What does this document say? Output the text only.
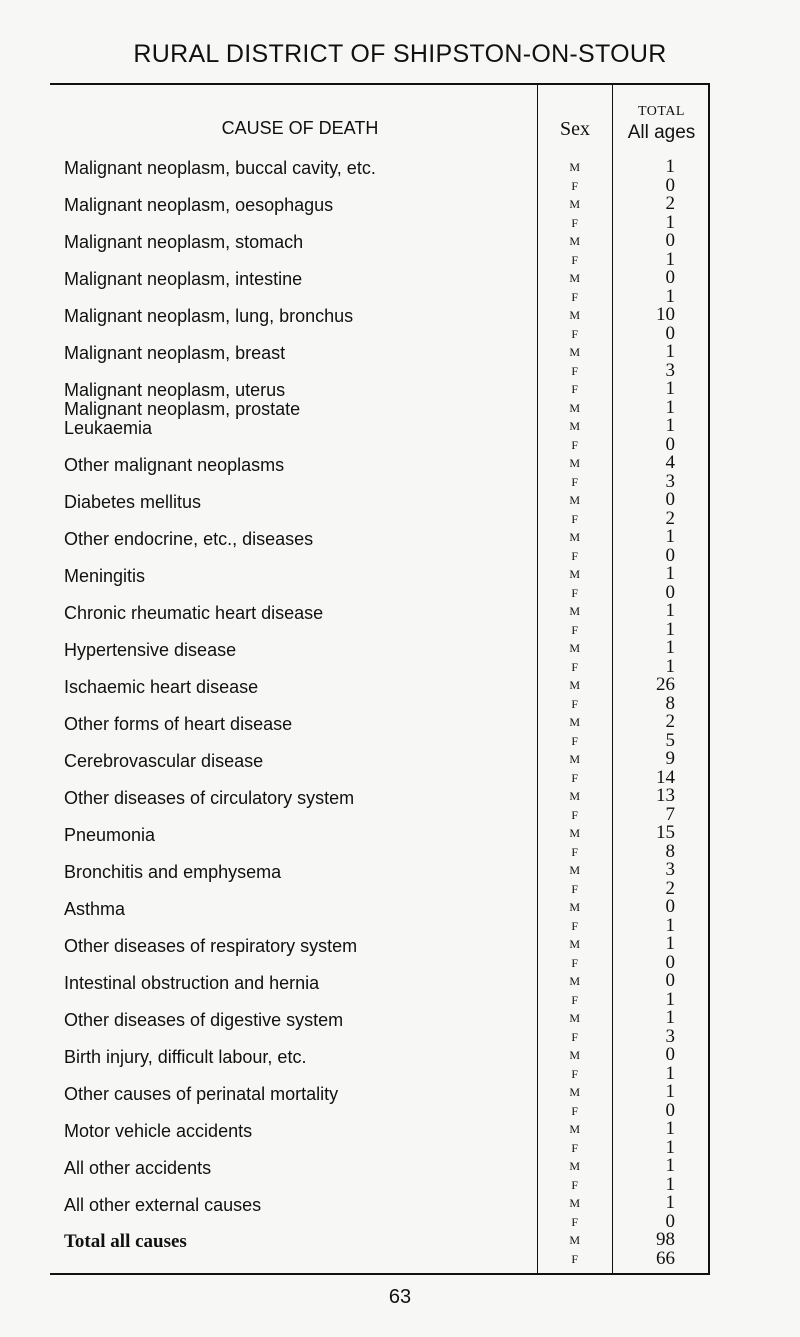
RURAL DISTRICT OF SHIPSTON-ON-STOUR
CAUSE OF DEATH	Sex
TOTAL
All ages
Malignant neoplasm, buccal cavity, etc.
Malignant neoplasm, oesophagus
Malignant neoplasm, stomach
Malignant neoplasm, intestine
Malignant neoplasm, lung, bronchus
Malignant neoplasm, breast
Malignant neoplasm, uterus
Malignant neoplasm, prostate
Leukaemia
Other malignant neoplasms
Diabetes mellitus
Other endocrine, etc., diseases
Meningitis
Chronic rheumatic heart disease
Hypertensive disease
Ischaemic heart disease
Other forms of heart disease
Cerebrovascular disease
Other diseases of circulatory system
Pneumonia
Bronchitis and emphysema
Asthma
Other diseases of respiratory system
Intestinal obstruction and hernia
Other diseases of digestive system
Birth injury, difficult labour, etc.
Other causes of perinatal mortality
Motor vehicle accidents
All other accidents
All other external causes
Total all causes
M
F
M
F
M
F
M
F
M
F
M
F
F
M
M
F
M
F
M
F
M
F
M
F
M
F
M
F
M
F
M
F
M
F
M
F
M
F
M
F
M
F
M
F
M
F
M
F
M
F
M
F
M
F
M
F
M
F
M
F
1
0
2
1
0
1
0
1
10
0
1
3
1
1
1
0
4
3
0
2
1
0
1
0
1
1
1
1
26
8
2
5
9
14
13
7
15
8
3
2
0
1
1
0
0
1
1
3
0
1
1
0
1
1
1
1
1
0
98
66
63
